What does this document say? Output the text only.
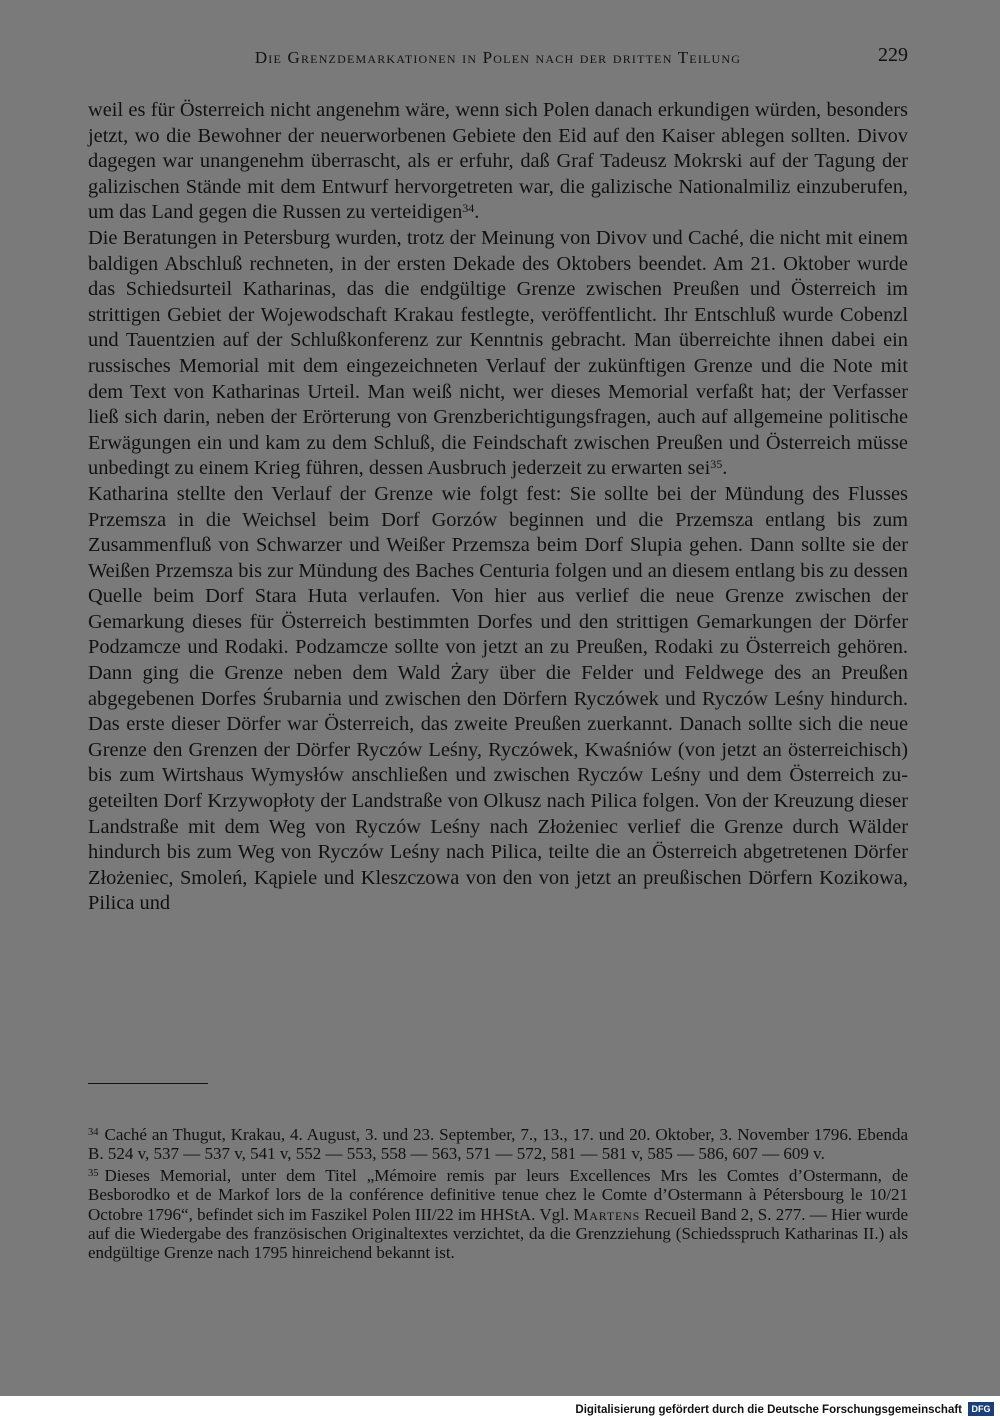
Die Grenzdemarkationen in Polen nach der dritten Teilung	229

weil es für Österreich nicht angenehm wäre, wenn sich Polen danach erkundigen würden, besonders jetzt, wo die Bewohner der neuerworbenen Gebiete den Eid auf den Kaiser ablegen sollten. Divov dagegen war unangenehm überrascht, als er erfuhr, daß Graf Tadeusz Mokrski auf der Tagung der galizischen Stände mit dem Entwurf hervorgetreten war, die galizische Nationalmiliz einzuberufen, um das Land gegen die Russen zu verteidigen$^{34}$.

Die Beratungen in Petersburg wurden, trotz der Meinung von Divov und Caché, die nicht mit einem baldigen Abschluß rechneten, in der ersten Dekade des Oktobers beendet. Am 21. Oktober wurde das Schiedsurteil Katharinas, das die endgültige Grenze zwischen Preußen und Österreich im strittigen Gebiet der Wojewodschaft Krakau festlegte, veröffentlicht. Ihr Entschluß wurde Cobenzl und Tauentzien auf der Schlußkonferenz zur Kenntnis gebracht. Man überreichte ihnen dabei ein russisches Memorial mit dem eingezeichneten Verlauf der zukünftigen Grenze und die Note mit dem Text von Katharinas Urteil. Man weiß nicht, wer dieses Memorial verfaßt hat; der Verfasser ließ sich darin, neben der Erörterung von Grenzberichtigungsfragen, auch auf allgemeine politische Erwägungen ein und kam zu dem Schluß, die Feindschaft zwischen Preußen und Österreich müsse unbedingt zu einem Krieg führen, dessen Ausbruch jederzeit zu erwarten sei$^{35}$.

Katharina stellte den Verlauf der Grenze wie folgt fest: Sie sollte bei der Mündung des Flusses Przemsza in die Weichsel beim Dorf Gorzów beginnen und die Przemsza entlang bis zum Zusammenfluß von Schwarzer und Weißer Przemsza beim Dorf Slupia gehen. Dann sollte sie der Weißen Przemsza bis zur Mündung des Baches Centuria folgen und an diesem entlang bis zu dessen Quelle beim Dorf Stara Huta verlaufen. Von hier aus verlief die neue Grenze zwischen der Gemarkung dieses für Österreich bestimmten Dorfes und den strittigen Gemarkungen der Dörfer Podzamcze und Rodaki. Podzamcze sollte von jetzt an zu Preußen, Rodaki zu Österreich gehören. Dann ging die Grenze neben dem Wald Żary über die Felder und Feldwege des an Preußen abgegebenen Dorfes Śrubarnia und zwischen den Dörfern Ryczówek und Ryczów Leśny hindurch. Das erste dieser Dörfer war Österreich, das zweite Preußen zuerkannt. Danach sollte sich die neue Grenze den Grenzen der Dörfer Ryczów Leśny, Ryczówek, Kwaśniów (von jetzt an österreichisch) bis zum Wirtshaus Wymysłów anschließen und zwischen Ryczów Leśny und dem Österreich zugeteilten Dorf Krzywopłoty der Landstraße von Olkusz nach Pilica folgen. Von der Kreuzung dieser Landstraße mit dem Weg von Ryczów Leśny nach Złożeniec verlief die Grenze durch Wälder hindurch bis zum Weg von Ryczów Leśny nach Pilica, teilte die an Österreich abgetretenen Dörfer Złożeniec, Smoleń, Kąpiele und Kleszczowa von den von jetzt an preußischen Dörfern Kozikowa, Pilica und

$^{34}$ Caché an Thugut, Krakau, 4. August, 3. und 23. September, 7., 13., 17. und 20. Oktober, 3. November 1796. Ebenda B. 524 v, 537 — 537 v, 541 v, 552 — 553, 558 — 563, 571 — 572, 581 — 581 v, 585 — 586, 607 — 609 v.

$^{35}$ Dieses Memorial, unter dem Titel „Mémoire remis par leurs Excellences Mrs les Comtes d’Ostermann, de Besborodko et de Markof lors de la conférence definitive tenue chez le Comte d’Ostermann à Pétersbourg le 10/21 Octobre 1796“, befindet sich im Faszikel Polen III/22 im HHStA. Vgl. Martens Recueil Band 2, S. 277. — Hier wurde auf die Wiedergabe des französischen Originaltextes verzichtet, da die Grenzziehung (Schiedsspruch Katharinas II.) als endgültige Grenze nach 1795 hinreichend bekannt ist.

Digitalisierung gefördert durch die Deutsche Forschungsgemeinschaft	DFG
